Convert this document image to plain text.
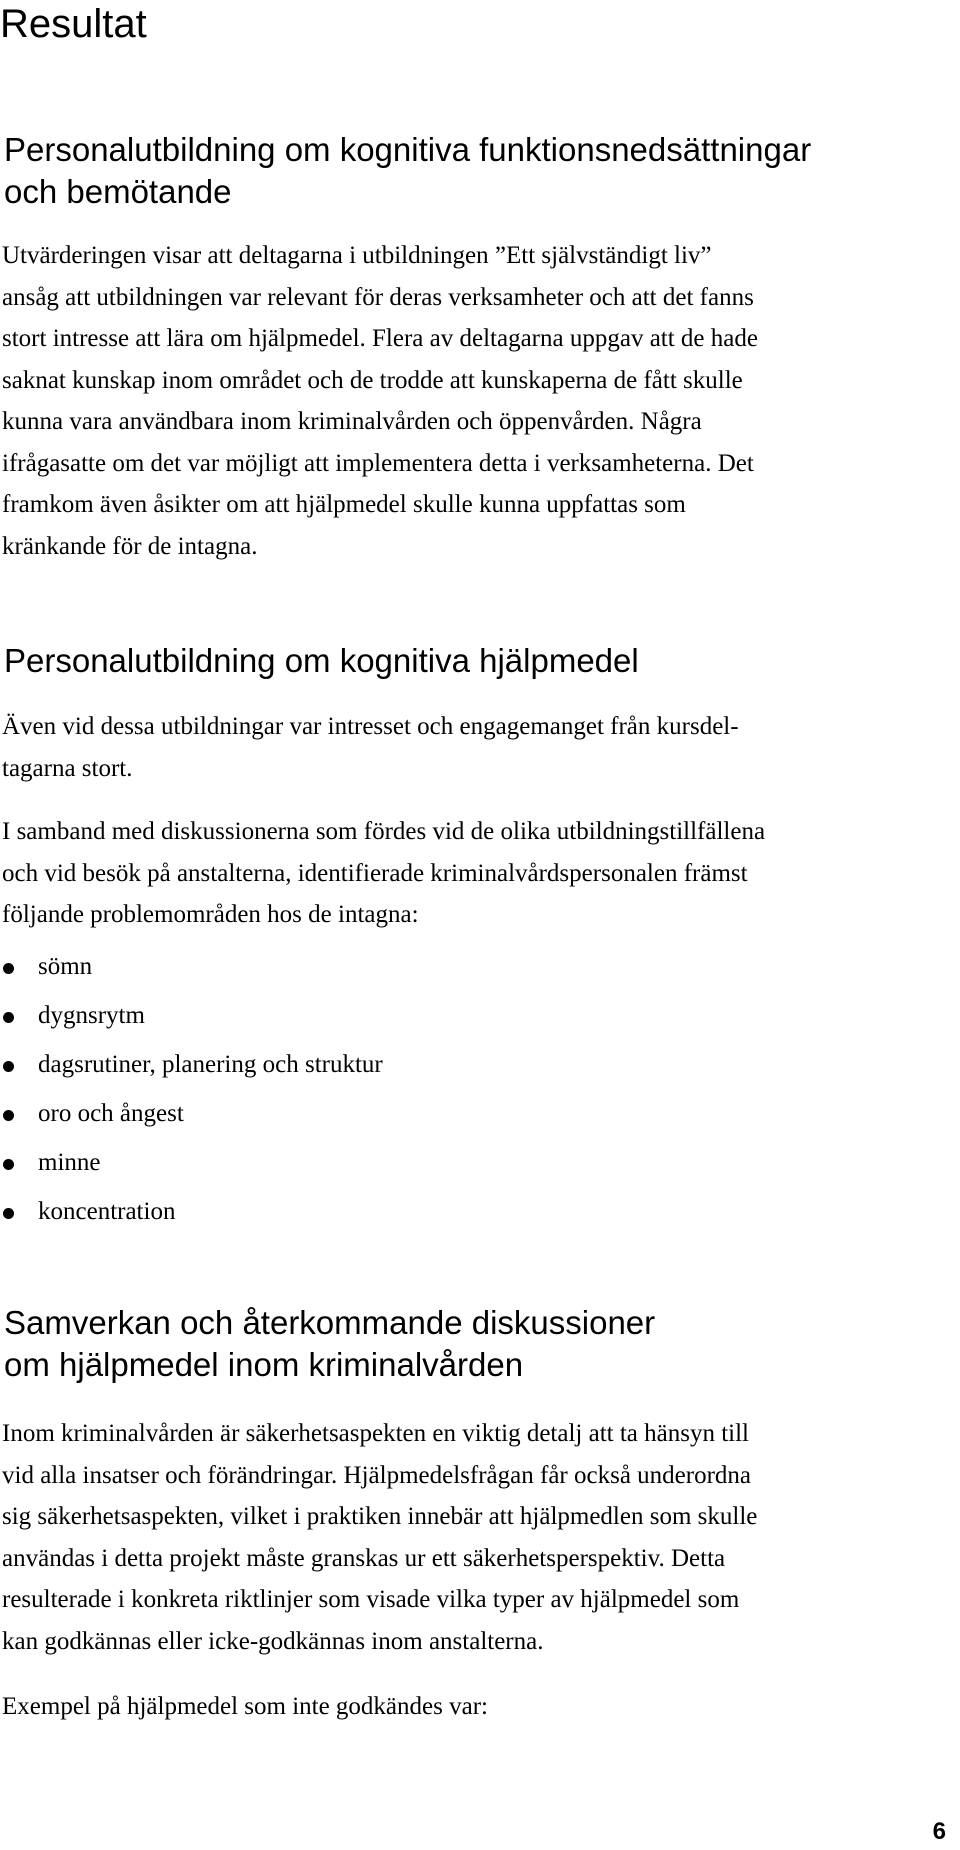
Resultat
Personalutbildning om kognitiva funktionsnedsättningar
och bemötande

Utvärderingen visar att deltagarna i utbildningen ”Ett självständigt liv”
ansåg att utbildningen var relevant för deras verksamheter och att det fanns
stort intresse att lära om hjälpmedel. Flera av deltagarna uppgav att de hade
saknat kunskap inom området och de trodde att kunskaperna de fått skulle
kunna vara användbara inom kriminalvården och öppenvården. Några
ifrågasatte om det var möjligt att implementera detta i verksamheterna. Det
framkom även åsikter om att hjälpmedel skulle kunna uppfattas som
kränkande för de intagna.

Personalutbildning om kognitiva hjälpmedel

Även vid dessa utbildningar var intresset och engagemanget från kursdel-
tagarna stort.

I samband med diskussionerna som fördes vid de olika utbildningstillfällena
och vid besök på anstalterna, identifierade kriminalvårdspersonalen främst
följande problemområden hos de intagna:

sömn
dygnsrytm
dagsrutiner, planering och struktur
oro och ångest
minne
koncentration
Samverkan och återkommande diskussioner
om hjälpmedel inom kriminalvården

Inom kriminalvården är säkerhetsaspekten en viktig detalj att ta hänsyn till
vid alla insatser och förändringar. Hjälpmedelsfrågan får också underordna
sig säkerhetsaspekten, vilket i praktiken innebär att hjälpmedlen som skulle
användas i detta projekt måste granskas ur ett säkerhetsperspektiv. Detta
resulterade i konkreta riktlinjer som visade vilka typer av hjälpmedel som
kan godkännas eller icke-godkännas inom anstalterna.

Exempel på hjälpmedel som inte godkändes var:

6
